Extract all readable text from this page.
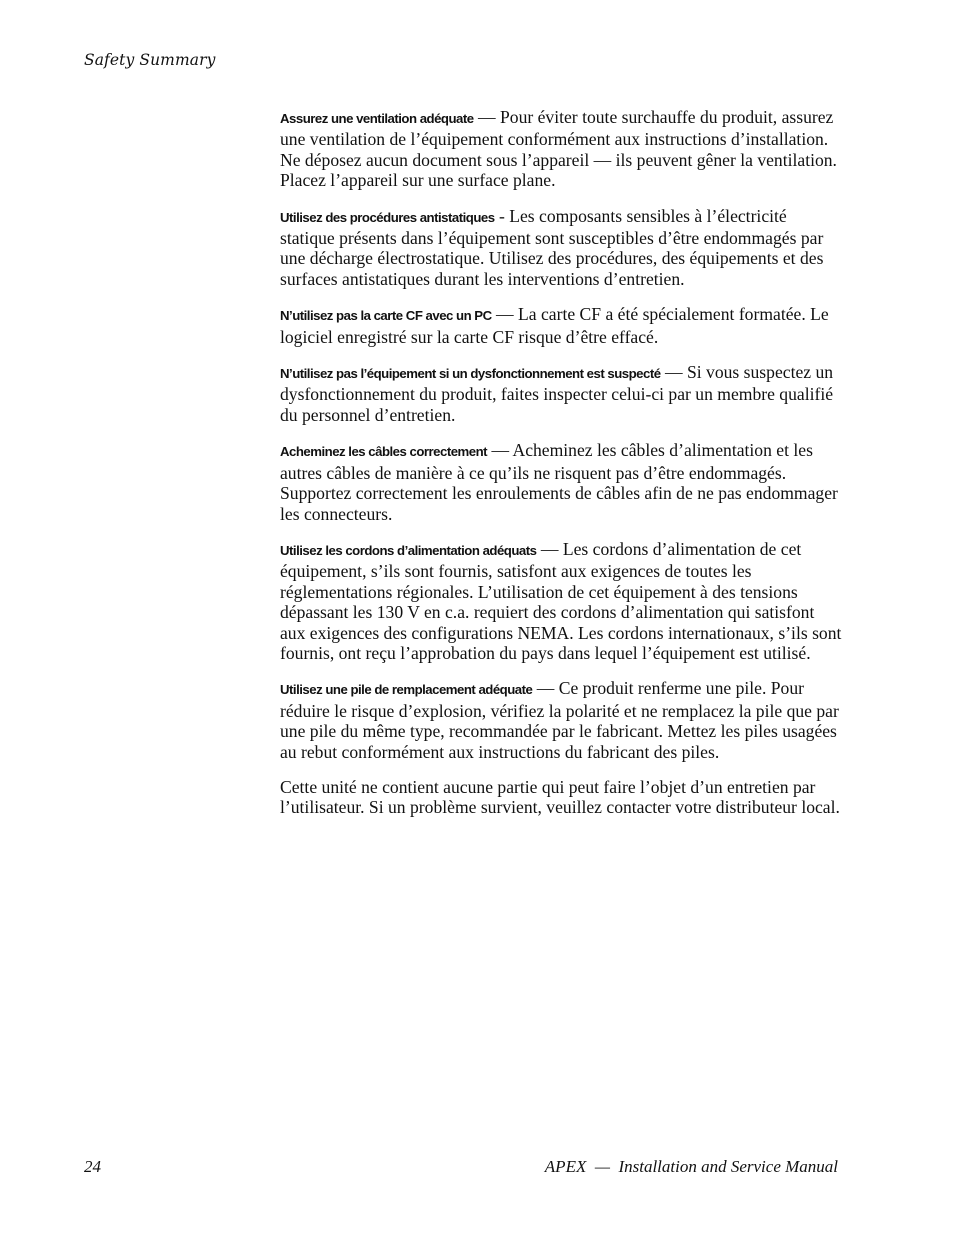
Safety Summary

Assurez une ventilation adéquate — Pour éviter toute surchauffe du produit, assurez une ventilation de l’équipement conformément aux instructions d’installation. Ne déposez aucun document sous l’appareil — ils peuvent gêner la ventilation. Placez l’appareil sur une surface plane.

Utilisez des procédures antistatiques - Les composants sensibles à l’électricité statique présents dans l’équipement sont susceptibles d’être endommagés par une décharge électrostatique. Utilisez des procédures, des équipements et des surfaces antistatiques durant les interventions d’entretien.

N’utilisez pas la carte CF avec un PC — La carte CF a été spécialement formatée. Le logiciel enregistré sur la carte CF risque d’être effacé.

N’utilisez pas l’équipement si un dysfonctionnement est suspecté — Si vous suspectez un dysfonctionnement du produit, faites inspecter celui-ci par un membre qualifié du personnel d’entretien.

Acheminez les câbles correctement — Acheminez les câbles d’alimentation et les autres câbles de manière à ce qu’ils ne risquent pas d’être endommagés. Supportez correctement les enroulements de câbles afin de ne pas endommager les connecteurs.

Utilisez les cordons d’alimentation adéquats — Les cordons d’alimentation de cet équipement, s’ils sont fournis, satisfont aux exigences de toutes les réglementations régionales. L’utilisation de cet équipement à des tensions dépassant les 130 V en c.a. requiert des cordons d’alimentation qui satisfont aux exigences des configurations NEMA. Les cordons internationaux, s’ils sont fournis, ont reçu l’approbation du pays dans lequel l’équipement est utilisé.

Utilisez une pile de remplacement adéquate — Ce produit renferme une pile. Pour réduire le risque d’explosion, vérifiez la polarité et ne remplacez la pile que par une pile du même type, recommandée par le fabricant. Mettez les piles usagées au rebut conformément aux instructions du fabricant des piles.

Cette unité ne contient aucune partie qui peut faire l’objet d’un entretien par l’utilisateur. Si un problème survient, veuillez contacter votre distributeur local.

24	APEX  —  Installation and Service Manual
